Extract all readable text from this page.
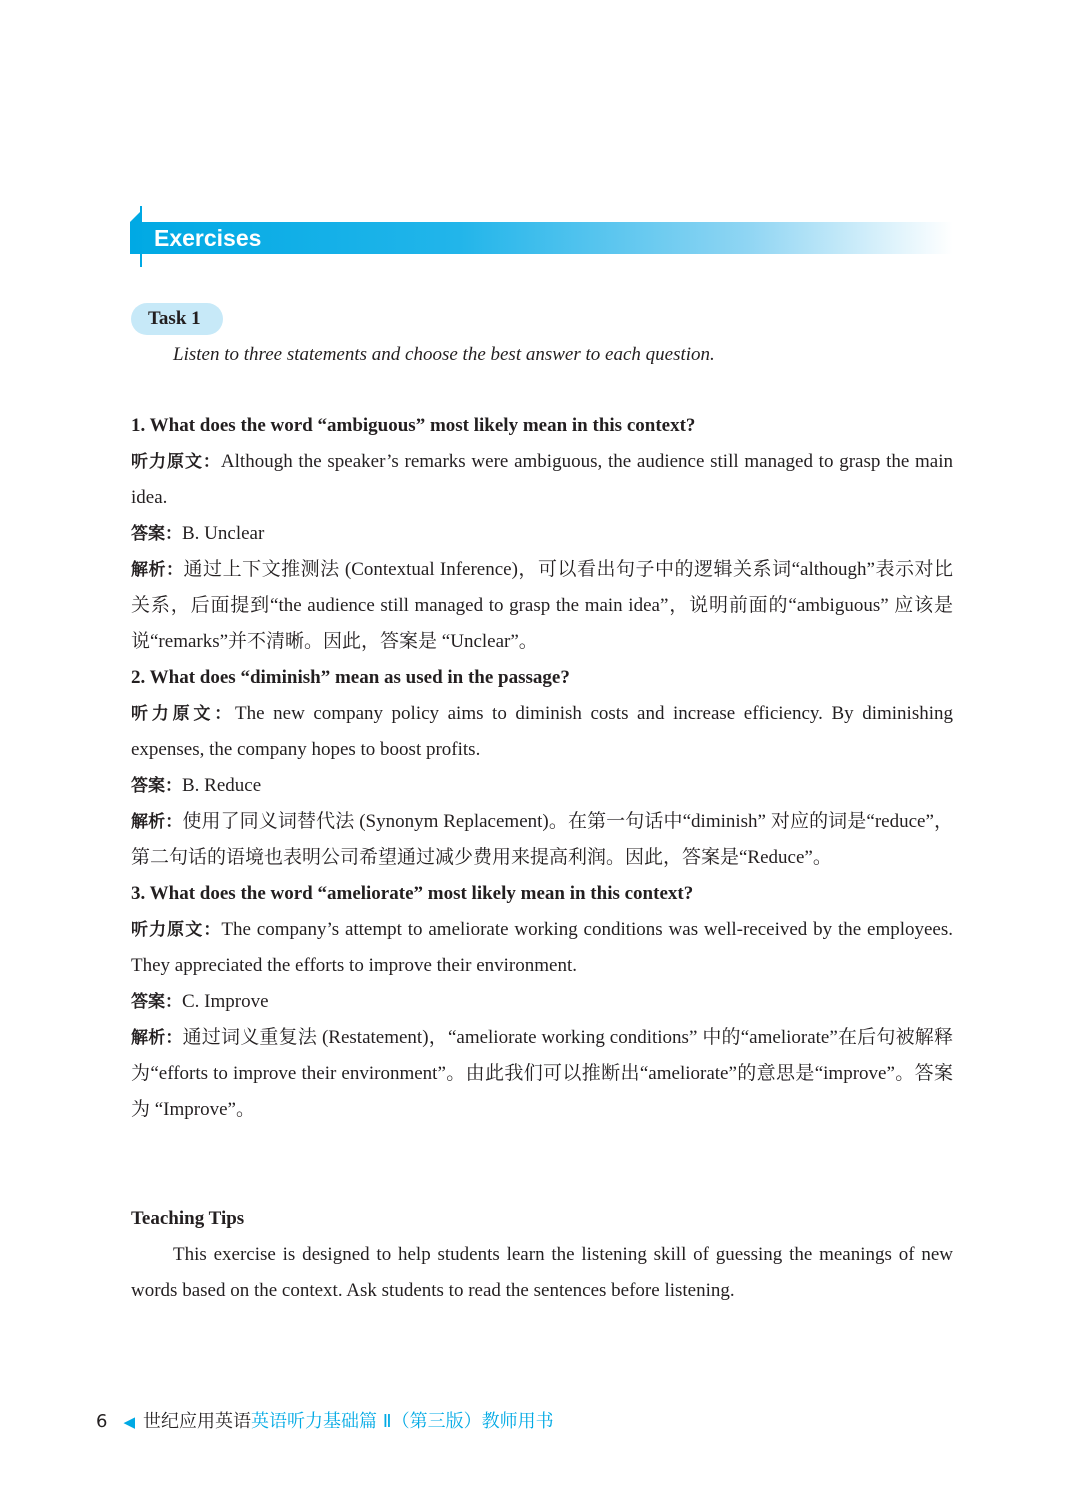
Exercises
Task 1
Listen to three statements and choose the best answer to each question.

1. What does the word “ambiguous” most likely mean in this context?

听力原文：Although the speaker’s remarks were ambiguous, the audience still managed to grasp the main idea.

答案：B. Unclear

解析：通过上下文推测法 (Contextual Inference)，可以看出句子中的逻辑关系词“although”表示对比关系，后面提到“the audience still managed to grasp the main idea”，说明前面的“ambiguous” 应该是说“remarks”并不清晰。因此，答案是 “Unclear”。

2. What does “diminish” mean as used in the passage?

听力原文：The new company policy aims to diminish costs and increase efficiency. By diminishing expenses, the company hopes to boost profits.

答案：B. Reduce

解析：使用了同义词替代法 (Synonym Replacement)。在第一句话中“diminish” 对应的词是“reduce”，第二句话的语境也表明公司希望通过减少费用来提高利润。因此，答案是“Reduce”。

3. What does the word “ameliorate” most likely mean in this context?

听力原文：The company’s attempt to ameliorate working conditions was well-received by the employees. They appreciated the efforts to improve their environment.

答案：C. Improve

解析：通过词义重复法 (Restatement)，“ameliorate working conditions” 中的“ameliorate”在后句被解释为“efforts to improve their environment”。由此我们可以推断出“ameliorate”的意思是“improve”。答案为 “Improve”。

Teaching Tips

This exercise is designed to help students learn the listening skill of guessing the meanings of new words based on the context. Ask students to read the sentences before listening.

6 ◀ 世纪应用英语英语听力基础篇 Ⅱ（第三版）教师用书
